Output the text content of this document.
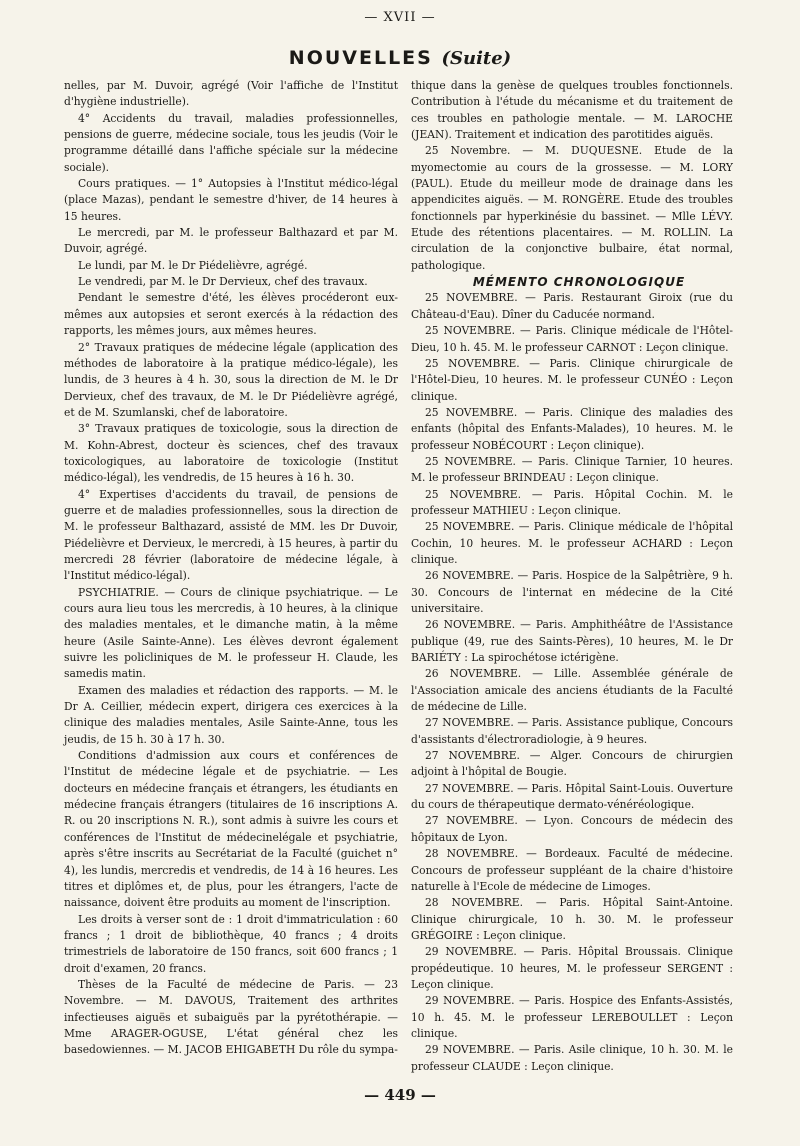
— XVII —
NOUVELLES (Suite)

nelles, par M. Duvoir, agrégé (Voir l'affiche de l'Institut d'hygiène industrielle).

4° Accidents du travail, maladies professionnelles, pensions de guerre, médecine sociale, tous les jeudis (Voir le programme détaillé dans l'affiche spéciale sur la médecine sociale).

Cours pratiques. — 1° Autopsies à l'Institut médico-légal (place Mazas), pendant le semestre d'hiver, de 14 heures à 15 heures.

Le mercredi, par M. le professeur Balthazard et par M. Duvoir, agrégé.

Le lundi, par M. le Dr Piédelièvre, agrégé.

Le vendredi, par M. le Dr Dervieux, chef des travaux.

Pendant le semestre d'été, les élèves procéderont eux-mêmes aux autopsies et seront exercés à la rédaction des rapports, les mêmes jours, aux mêmes heures.

2° Travaux pratiques de médecine légale (application des méthodes de laboratoire à la pratique médico-légale), les lundis, de 3 heures à 4 h. 30, sous la direction de M. le Dr Dervieux, chef des travaux, de M. le Dr Piédelièvre agrégé, et de M. Szumlanski, chef de laboratoire.

3° Travaux pratiques de toxicologie, sous la direction de M. Kohn-Abrest, docteur ès sciences, chef des travaux toxicologiques, au laboratoire de toxicologie (Institut médico-légal), les vendredis, de 15 heures à 16 h. 30.

4° Expertises d'accidents du travail, de pensions de guerre et de maladies professionnelles, sous la direction de M. le professeur Balthazard, assisté de MM. les Dr Duvoir, Piédelièvre et Dervieux, le mercredi, à 15 heures, à partir du mercredi 28 février (laboratoire de médecine légale, à l'Institut médico-légal).

PSYCHIATRIE. — Cours de clinique psychiatrique. — Le cours aura lieu tous les mercredis, à 10 heures, à la clinique des maladies mentales, et le dimanche matin, à la même heure (Asile Sainte-Anne). Les élèves devront également suivre les policliniques de M. le professeur H. Claude, les samedis matin.

Examen des maladies et rédaction des rapports. — M. le Dr A. Ceillier, médecin expert, dirigera ces exercices à la clinique des maladies mentales, Asile Sainte-Anne, tous les jeudis, de 15 h. 30 à 17 h. 30.

Conditions d'admission aux cours et conférences de l'Institut de médecine légale et de psychiatrie. — Les docteurs en médecine français et étrangers, les étudiants en médecine français étrangers (titulaires de 16 inscriptions A. R. ou 20 inscriptions N. R.), sont admis à suivre les cours et conférences de l'Institut de médecinelégale et psychiatrie, après s'être inscrits au Secrétariat de la Faculté (guichet n° 4), les lundis, mercredis et vendredis, de 14 à 16 heures. Les titres et diplômes et, de plus, pour les étrangers, l'acte de naissance, doivent être produits au moment de l'inscription.

Les droits à verser sont de : 1 droit d'immatriculation : 60 francs ; 1 droit de bibliothèque, 40 francs ; 4 droits trimestriels de laboratoire de 150 francs, soit 600 francs ; 1 droit d'examen, 20 francs.

Thèses de la Faculté de médecine de Paris. — 23 Novembre. — M. DAVOUS, Traitement des arthrites infectieuses aiguës et subaiguës par la pyrétothérapie. — Mme ARAGER-OGUSE, L'état général chez les basedowiennes. — M. JACOB EHIGABETH Du rôle du sympa-

thique dans la genèse de quelques troubles fonctionnels. Contribution à l'étude du mécanisme et du traitement de ces troubles en pathologie mentale. — M. LAROCHE (JEAN). Traitement et indication des parotitides aiguës.

25 Novembre. — M. DUQUESNE. Etude de la myomectomie au cours de la grossesse. — M. LORY (PAUL). Etude du meilleur mode de drainage dans les appendicites aiguës. — M. RONGÈRE. Etude des troubles fonctionnels par hyperkinésie du bassinet. — Mlle LÉVY. Etude des rétentions placentaires. — M. ROLLIN. La circulation de la conjonctive bulbaire, état normal, pathologique.

MÉMENTO CHRONOLOGIQUE

25 NOVEMBRE. — Paris. Restaurant Giroix (rue du Château-d'Eau). Dîner du Caducée normand.

25 NOVEMBRE. — Paris. Clinique médicale de l'Hôtel-Dieu, 10 h. 45. M. le professeur CARNOT : Leçon clinique.

25 NOVEMBRE. — Paris. Clinique chirurgicale de l'Hôtel-Dieu, 10 heures. M. le professeur CUNÉO : Leçon clinique.

25 NOVEMBRE. — Paris. Clinique des maladies des enfants (hôpital des Enfants-Malades), 10 heures. M. le professeur NOBÉCOURT : Leçon clinique).

25 NOVEMBRE. — Paris. Clinique Tarnier, 10 heures. M. le professeur BRINDEAU : Leçon clinique.

25 NOVEMBRE. — Paris. Hôpital Cochin. M. le professeur MATHIEU : Leçon clinique.

25 NOVEMBRE. — Paris. Clinique médicale de l'hôpital Cochin, 10 heures. M. le professeur ACHARD : Leçon clinique.

26 NOVEMBRE. — Paris. Hospice de la Salpêtrière, 9 h. 30. Concours de l'internat en médecine de la Cité universitaire.

26 NOVEMBRE. — Paris. Amphithéâtre de l'Assistance publique (49, rue des Saints-Pères), 10 heures, M. le Dr BARIÉTY : La spirochétose ictérigène.

26 NOVEMBRE. — Lille. Assemblée générale de l'Association amicale des anciens étudiants de la Faculté de médecine de Lille.

27 NOVEMBRE. — Paris. Assistance publique, Concours d'assistants d'électroradiologie, à 9 heures.

27 NOVEMBRE. — Alger. Concours de chirurgien adjoint à l'hôpital de Bougie.

27 NOVEMBRE. — Paris. Hôpital Saint-Louis. Ouverture du cours de thérapeutique dermato-vénéréologique.

27 NOVEMBRE. — Lyon. Concours de médecin des hôpitaux de Lyon.

28 NOVEMBRE. — Bordeaux. Faculté de médecine. Concours de professeur suppléant de la chaire d'histoire naturelle à l'Ecole de médecine de Limoges.

28 NOVEMBRE. — Paris. Hôpital Saint-Antoine. Clinique chirurgicale, 10 h. 30. M. le professeur GRÉGOIRE : Leçon clinique.

29 NOVEMBRE. — Paris. Hôpital Broussais. Clinique propédeutique. 10 heures, M. le professeur SERGENT : Leçon clinique.

29 NOVEMBRE. — Paris. Hospice des Enfants-Assistés, 10 h. 45. M. le professeur LEREBOULLET : Leçon clinique.

29 NOVEMBRE. — Paris. Asile clinique, 10 h. 30. M. le professeur CLAUDE : Leçon clinique.

— 449 —
